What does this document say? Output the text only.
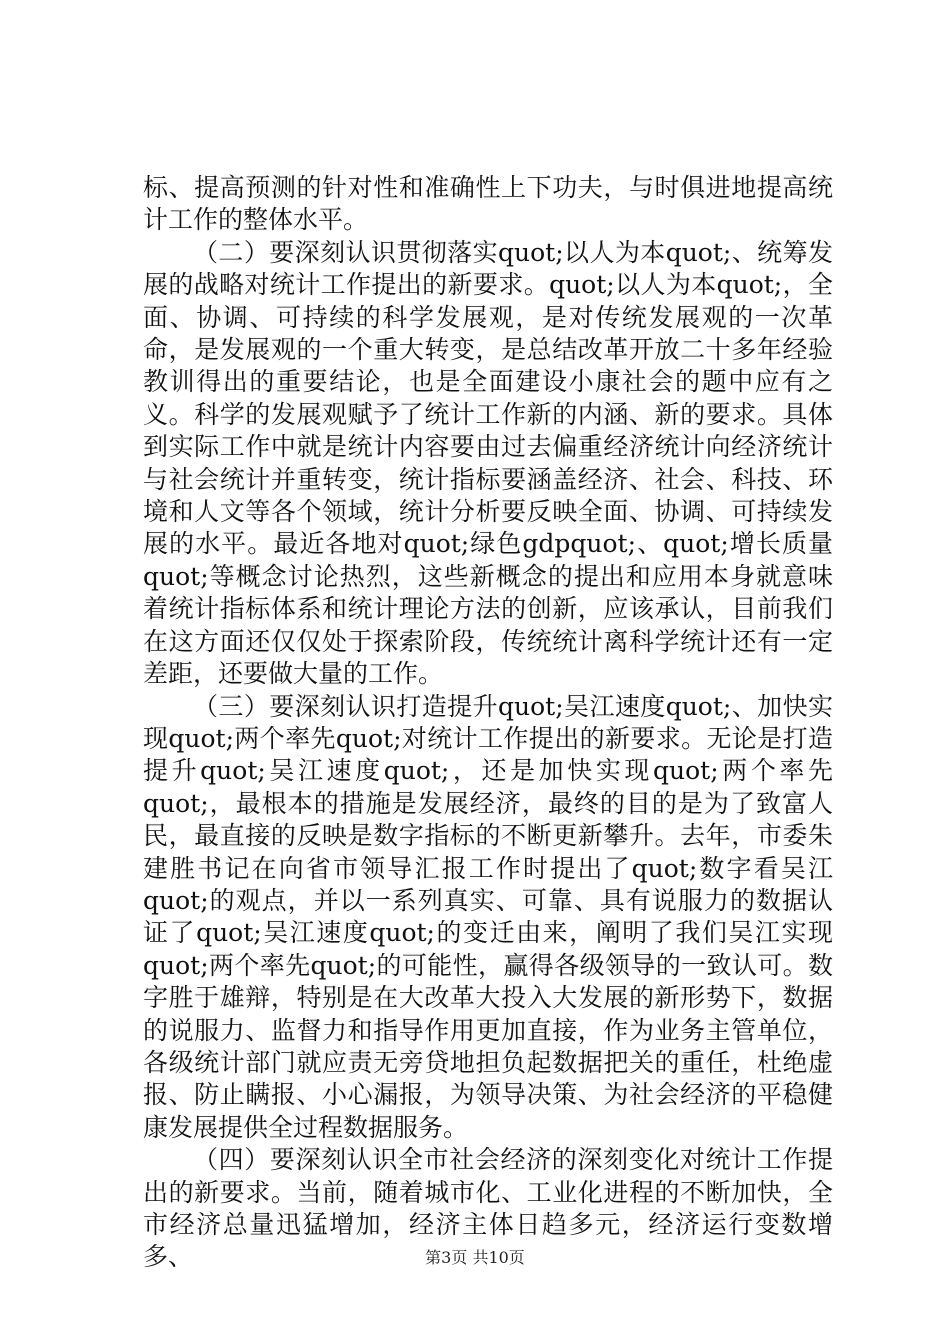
标、提高预测的针对性和准确性上下功夫，与时俱进地提高统计工作的整体水平。

（二）要深刻认识贯彻落实quot;以人为本quot;、统筹发展的战略对统计工作提出的新要求。quot;以人为本quot;，全面、协调、可持续的科学发展观，是对传统发展观的一次革命，是发展观的一个重大转变，是总结改革开放二十多年经验教训得出的重要结论，也是全面建设小康社会的题中应有之义。科学的发展观赋予了统计工作新的内涵、新的要求。具体到实际工作中就是统计内容要由过去偏重经济统计向经济统计与社会统计并重转变，统计指标要涵盖经济、社会、科技、环境和人文等各个领域，统计分析要反映全面、协调、可持续发展的水平。最近各地对quot;绿色gdpquot;、quot;增长质量quot;等概念讨论热烈，这些新概念的提出和应用本身就意味着统计指标体系和统计理论方法的创新，应该承认，目前我们在这方面还仅仅处于探索阶段，传统统计离科学统计还有一定差距，还要做大量的工作。

（三）要深刻认识打造提升quot;吴江速度quot;、加快实现quot;两个率先quot;对统计工作提出的新要求。无论是打造提升quot;吴江速度quot;，还是加快实现quot;两个率先quot;，最根本的措施是发展经济，最终的目的是为了致富人民，最直接的反映是数字指标的不断更新攀升。去年，市委朱建胜书记在向省市领导汇报工作时提出了quot;数字看吴江quot;的观点，并以一系列真实、可靠、具有说服力的数据认证了quot;吴江速度quot;的变迁由来，阐明了我们吴江实现quot;两个率先quot;的可能性，赢得各级领导的一致认可。数字胜于雄辩，特别是在大改革大投入大发展的新形势下，数据的说服力、监督力和指导作用更加直接，作为业务主管单位，各级统计部门就应责无旁贷地担负起数据把关的重任，杜绝虚报、防止瞒报、小心漏报，为领导决策、为社会经济的平稳健康发展提供全过程数据服务。

（四）要深刻认识全市社会经济的深刻变化对统计工作提出的新要求。当前，随着城市化、工业化进程的不断加快，全市经济总量迅猛增加，经济主体日趋多元，经济运行变数增多、	第3页 共10页
